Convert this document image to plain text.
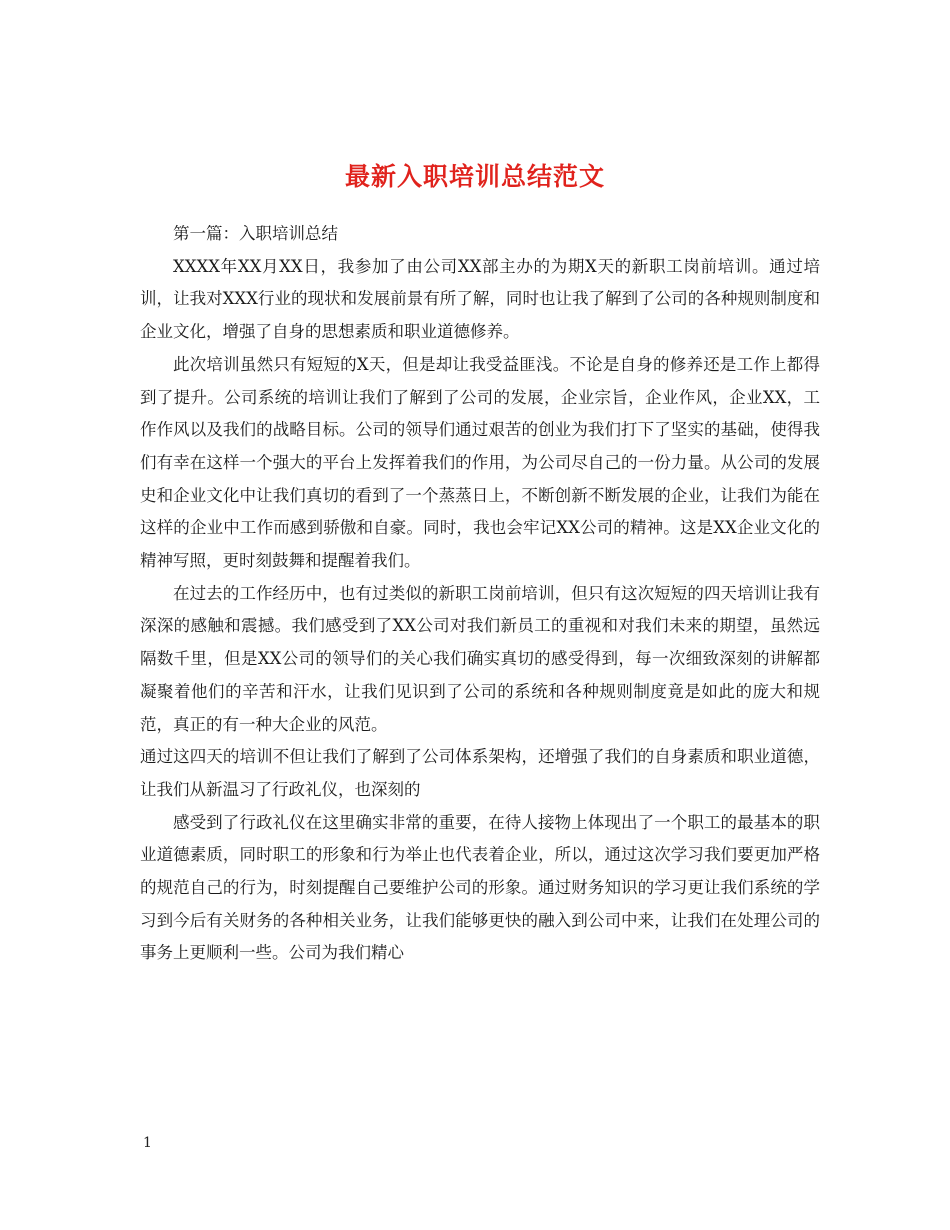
最新入职培训总结范文

第一篇：入职培训总结

XXXX年XX月XX日，我参加了由公司XX部主办的为期X天的新职工岗前培训。通过培训，让我对XXX行业的现状和发展前景有所了解，同时也让我了解到了公司的各种规则制度和企业文化，增强了自身的思想素质和职业道德修养。

此次培训虽然只有短短的X天，但是却让我受益匪浅。不论是自身的修养还是工作上都得到了提升。公司系统的培训让我们了解到了公司的发展，企业宗旨，企业作风，企业XX，工作作风以及我们的战略目标。公司的领导们通过艰苦的创业为我们打下了坚实的基础，使得我们有幸在这样一个强大的平台上发挥着我们的作用，为公司尽自己的一份力量。从公司的发展史和企业文化中让我们真切的看到了一个蒸蒸日上，不断创新不断发展的企业，让我们为能在这样的企业中工作而感到骄傲和自豪。同时，我也会牢记XX公司的精神。这是XX企业文化的精神写照，更时刻鼓舞和提醒着我们。

在过去的工作经历中，也有过类似的新职工岗前培训，但只有这次短短的四天培训让我有深深的感触和震撼。我们感受到了XX公司对我们新员工的重视和对我们未来的期望，虽然远隔数千里，但是XX公司的领导们的关心我们确实真切的感受得到，每一次细致深刻的讲解都凝聚着他们的辛苦和汗水，让我们见识到了公司的系统和各种规则制度竟是如此的庞大和规范，真正的有一种大企业的风范。

通过这四天的培训不但让我们了解到了公司体系架构，还增强了我们的自身素质和职业道德，让我们从新温习了行政礼仪，也深刻的

感受到了行政礼仪在这里确实非常的重要，在待人接物上体现出了一个职工的最基本的职业道德素质，同时职工的形象和行为举止也代表着企业，所以，通过这次学习我们要更加严格的规范自己的行为，时刻提醒自己要维护公司的形象。通过财务知识的学习更让我们系统的学习到今后有关财务的各种相关业务，让我们能够更快的融入到公司中来，让我们在处理公司的事务上更顺利一些。公司为我们精心

1
